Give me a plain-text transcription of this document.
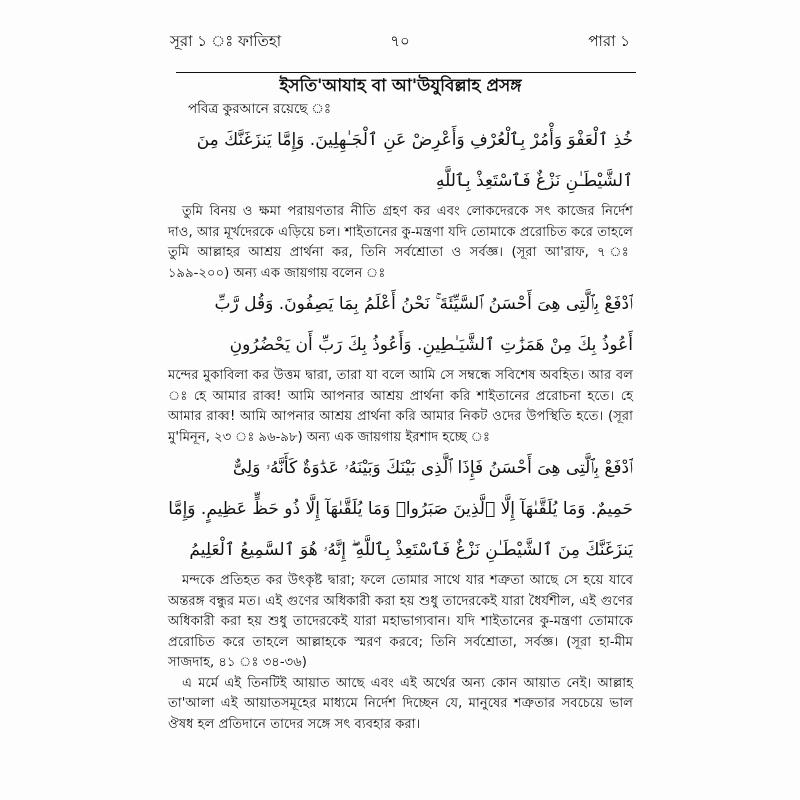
সূরা ১ ঃ ফাতিহা	৭০	পারা ১
ইসতি'আযাহ বা আ'উযুবিল্লাহ প্রসঙ্গ
পবিত্র কুরআনে রয়েছে ঃ
خُذِ ٱلْعَفْوَ وَأْمُرْ بِٱلْعُرْفِ وَأَعْرِضْ عَنِ ٱلْجَـٰهِلِينَ. وَإِمَّا يَنزَغَنَّكَ مِنَ
ٱلشَّيْطَـٰنِ نَزْغٌ فَٱسْتَعِذْ بِٱللَّهِ
তুমি বিনয় ও ক্ষমা পরায়ণতার নীতি গ্রহণ কর এবং লোকদেরকে সৎ কাজের নির্দেশ দাও, আর মূর্খদেরকে এড়িয়ে চল। শাইতানের কু-মন্ত্রণা যদি তোমাকে প্ররোচিত করে তাহলে তুমি আল্লাহর আশ্রয় প্রার্থনা কর, তিনি সর্বশ্রোতা ও সর্বজ্ঞ। (সূরা আ'রাফ, ৭ ঃ ১৯৯-২০০) অন্য এক জায়গায় বলেন ঃ
ٱدْفَعْ بِٱلَّتِى هِىَ أَحْسَنُ ٱلسَّيِّئَةَ ۚ نَحْنُ أَعْلَمُ بِمَا يَصِفُونَ. وَقُل رَّبِّ
أَعُوذُ بِكَ مِنْ هَمَزَٰتِ ٱلشَّيَـٰطِينِ. وَأَعُوذُ بِكَ رَبِّ أَن يَحْضُرُونِ
মন্দের মুকাবিলা কর উত্তম দ্বারা, তারা যা বলে আমি সে সম্বন্ধে সবিশেষ অবহিত। আর বল ঃ হে আমার রাব্ব! আমি আপনার আশ্রয় প্রার্থনা করি শাইতানের প্ররোচনা হতে। হে আমার রাব্ব! আমি আপনার আশ্রয় প্রার্থনা করি আমার নিকট ওদের উপস্থিতি হতে। (সূরা মু'মিনূন, ২৩ ঃ ৯৬-৯৮) অন্য এক জায়গায় ইরশাদ হচ্ছে ঃ
ٱدْفَعْ بِٱلَّتِى هِىَ أَحْسَنُ فَإِذَا ٱلَّذِى بَيْنَكَ وَبَيْنَهُۥ عَدَٰوَةٌ كَأَنَّهُۥ وَلِىٌّ
حَمِيمٌ. وَمَا يُلَقَّىٰهَآ إِلَّا ٱلَّذِينَ صَبَرُوا۟ وَمَا يُلَقَّىٰهَآ إِلَّا ذُو حَظٍّ عَظِيمٍ. وَإِمَّا
يَنزَغَنَّكَ مِنَ ٱلشَّيْطَـٰنِ نَزْغٌ فَٱسْتَعِذْ بِٱللَّهِ ۖ إِنَّهُۥ هُوَ ٱلسَّمِيعُ ٱلْعَلِيمُ
মন্দকে প্রতিহত কর উৎকৃষ্ট দ্বারা; ফলে তোমার সাথে যার শত্রুতা আছে সে হয়ে যাবে অন্তরঙ্গ বন্ধুর মত। এই গুণের অধিকারী করা হয় শুধু তাদেরকেই যারা ধৈর্যশীল, এই গুণের অধিকারী করা হয় শুধু তাদেরকেই যারা মহাভাগ্যবান। যদি শাইতানের কু-মন্ত্রণা তোমাকে প্ররোচিত করে তাহলে আল্লাহকে স্মরণ করবে; তিনি সর্বশ্রোতা, সর্বজ্ঞ। (সূরা হা-মীম সাজদাহ, ৪১ ঃ ৩৪-৩৬)
এ মর্মে এই তিনটিই আয়াত আছে এবং এই অর্থের অন্য কোন আয়াত নেই। আল্লাহ তা'আলা এই আয়াতসমূহের মাধ্যমে নির্দেশ দিচ্ছেন যে, মানুষের শত্রুতার সবচেয়ে ভাল ঔষধ হল প্রতিদানে তাদের সঙ্গে সৎ ব্যবহার করা।
